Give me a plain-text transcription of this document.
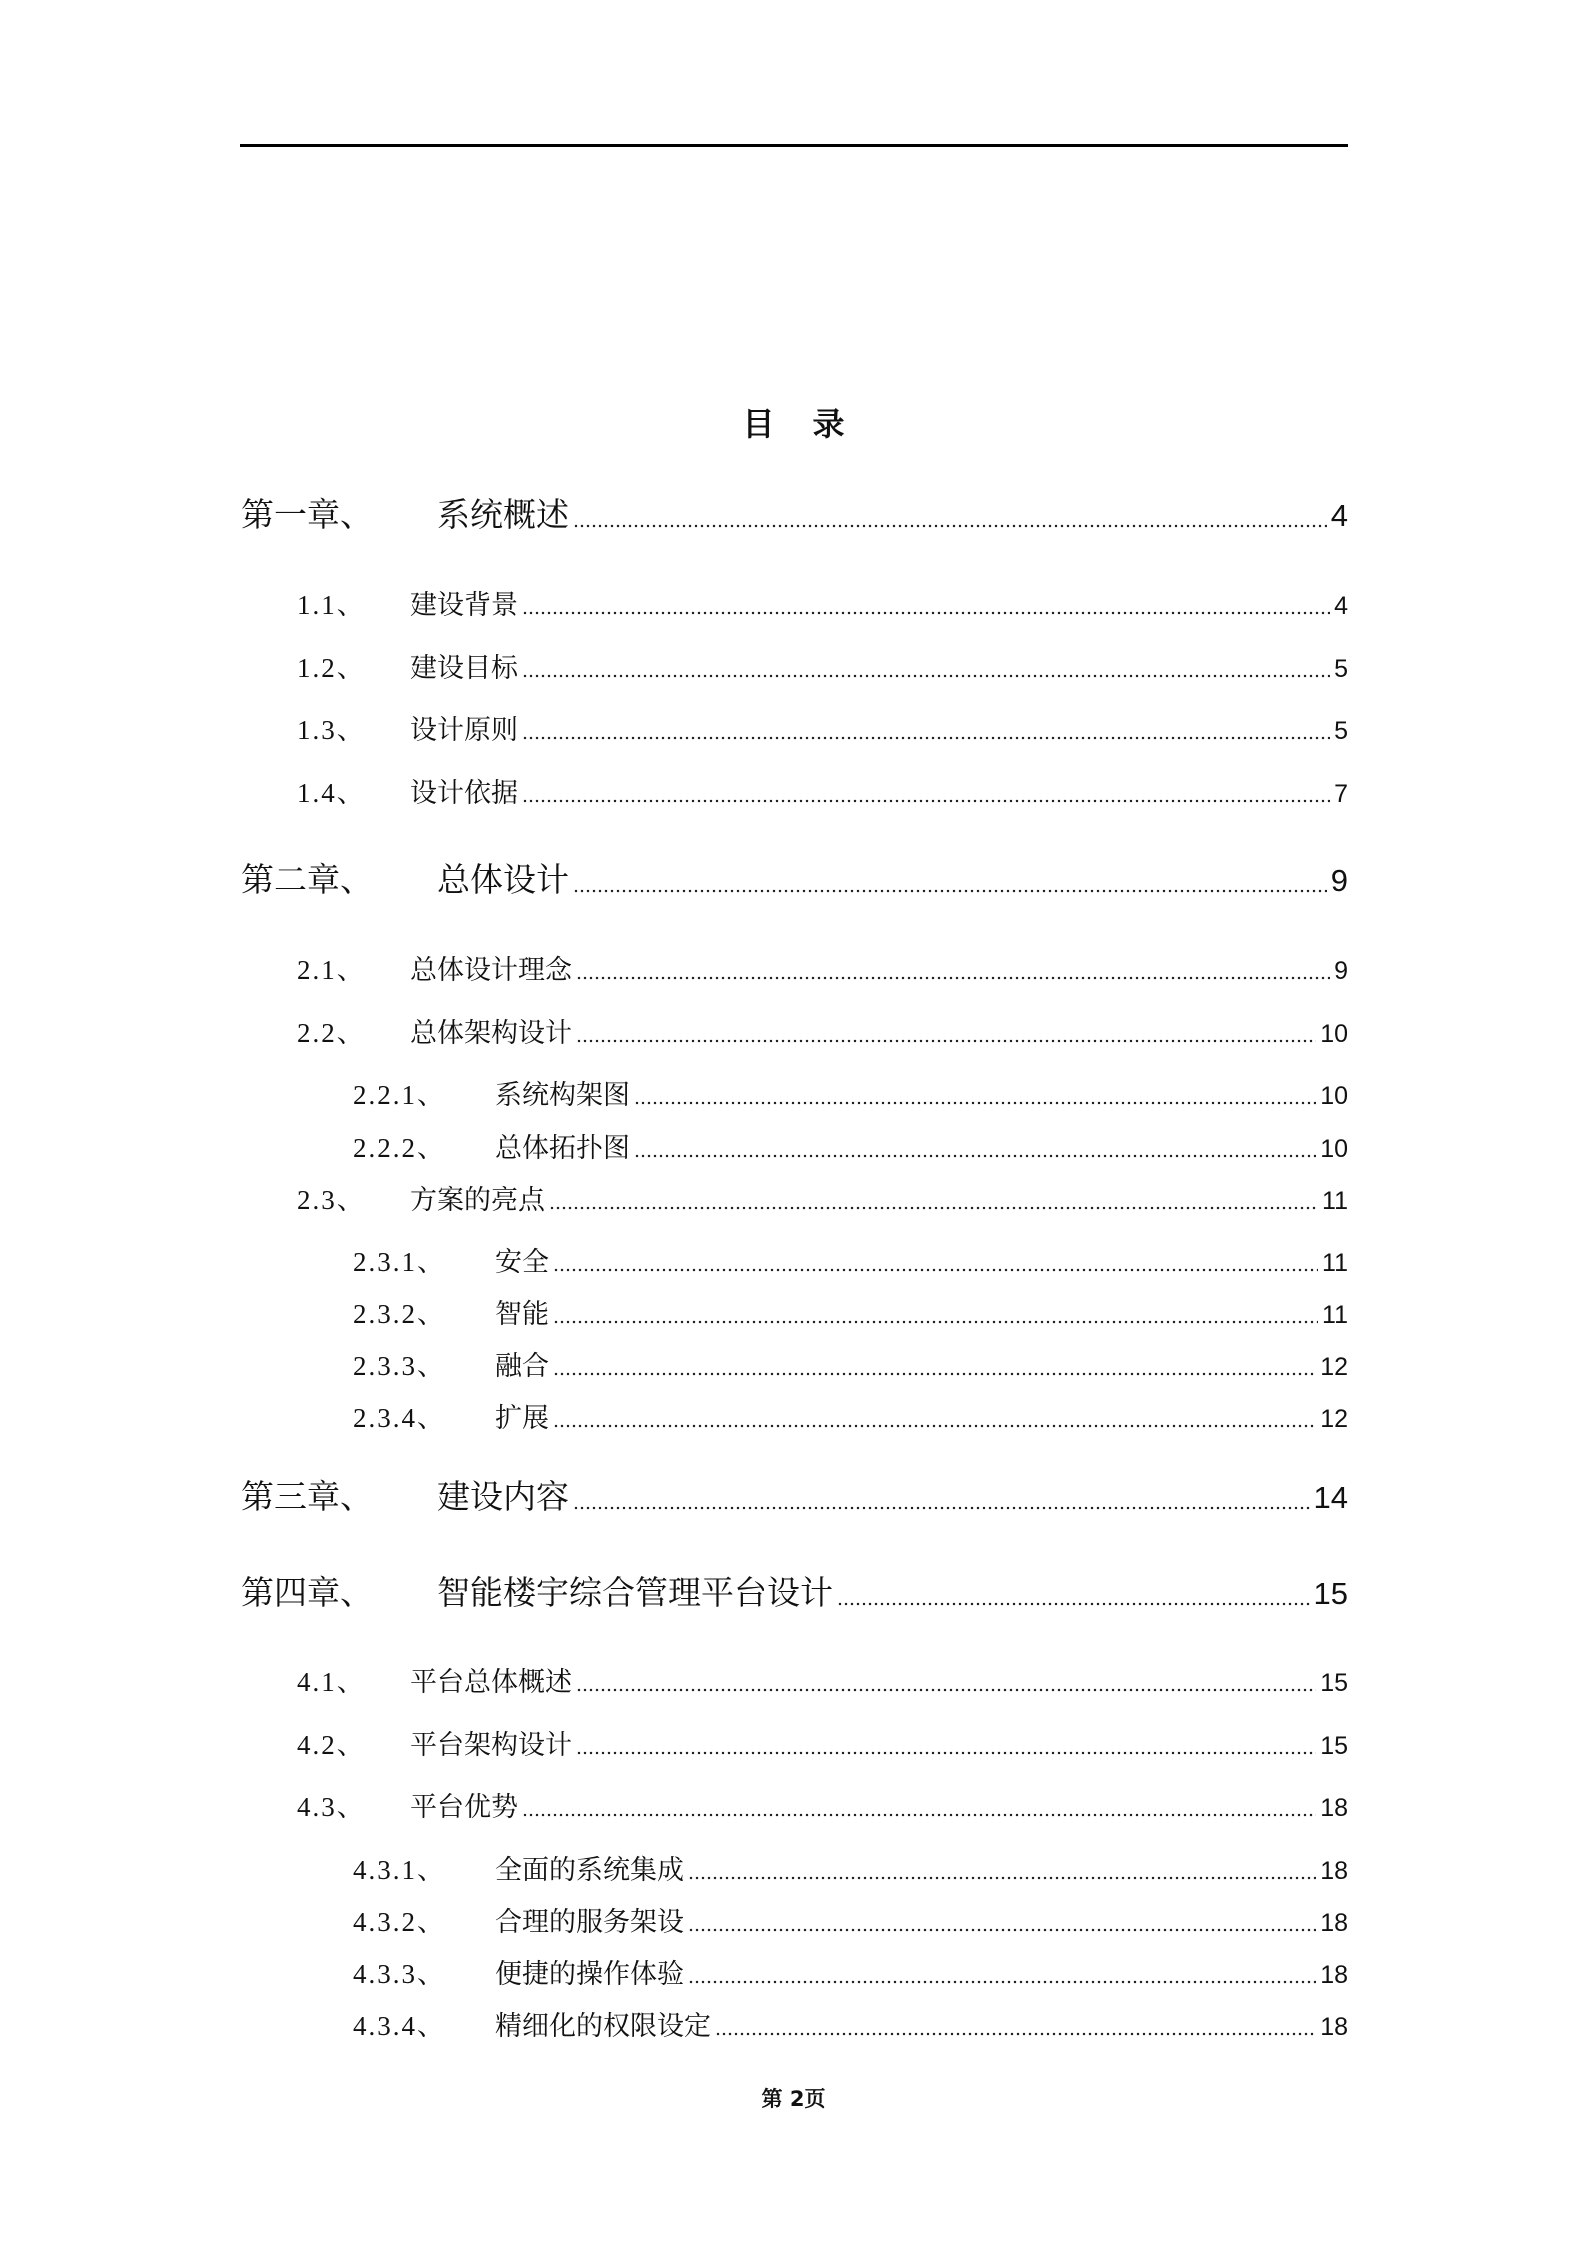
目录
第一章、	系统概述	4
1.1、	建设背景	4
1.2、	建设目标	5
1.3、	设计原则	5
1.4、	设计依据	7
第二章、	总体设计	9
2.1、	总体设计理念	9
2.2、	总体架构设计	10
2.2.1、	系统构架图	10
2.2.2、	总体拓扑图	10
2.3、	方案的亮点	11
2.3.1、	安全	11
2.3.2、	智能	11
2.3.3、	融合	12
2.3.4、	扩展	12
第三章、	建设内容	14
第四章、	智能楼宇综合管理平台设计	15
4.1、	平台总体概述	15
4.2、	平台架构设计	15
4.3、	平台优势	18
4.3.1、	全面的系统集成	18
4.3.2、	合理的服务架设	18
4.3.3、	便捷的操作体验	18
4.3.4、	精细化的权限设定	18
第 2页
